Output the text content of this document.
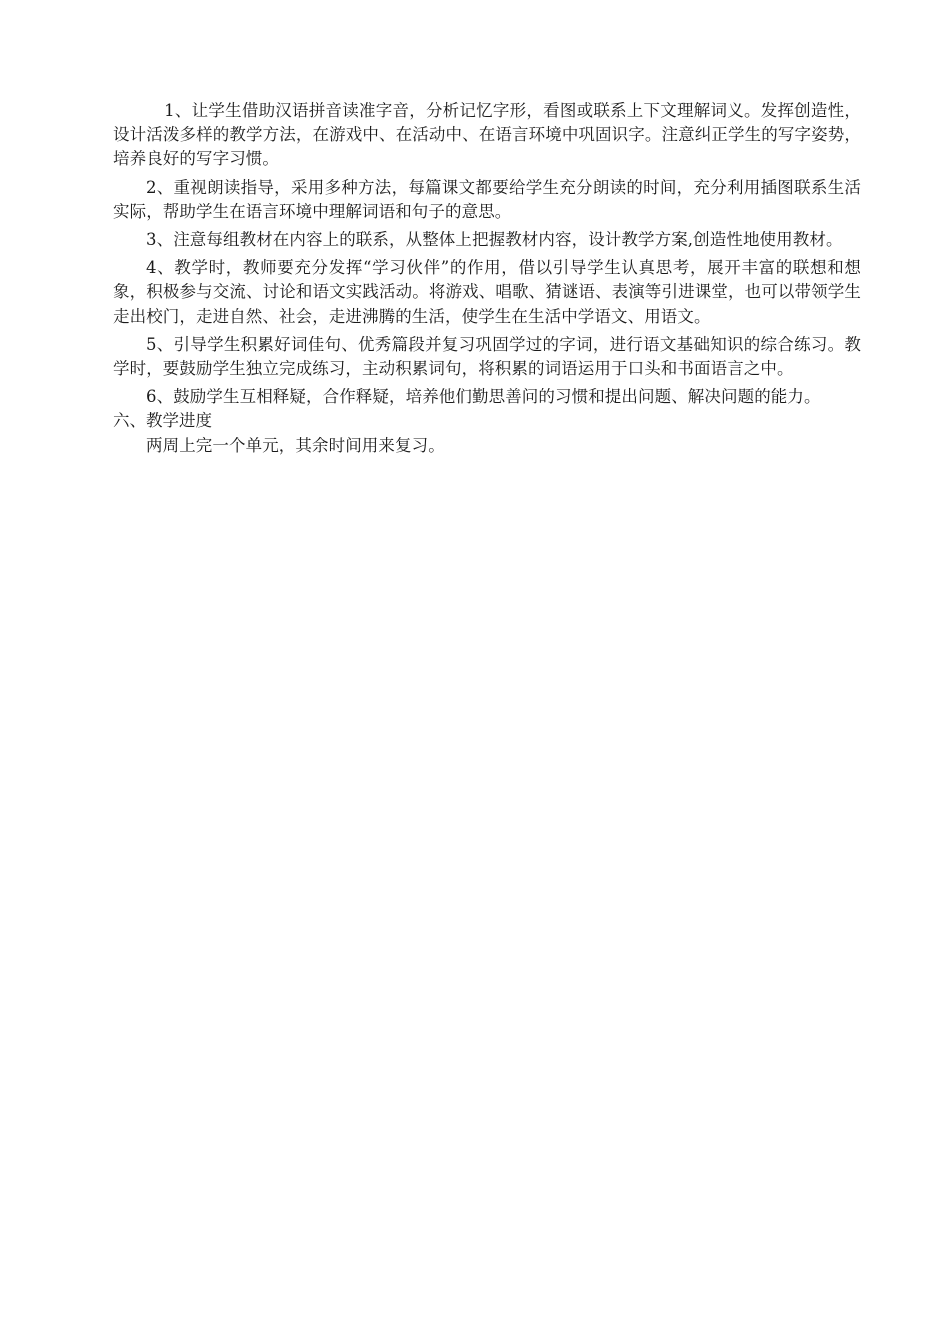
1、让学生借助汉语拼音读准字音，分析记忆字形，看图或联系上下文理解词义。发挥创造性，设计活泼多样的教学方法，在游戏中、在活动中、在语言环境中巩固识字。注意纠正学生的写字姿势，培养良好的写字习惯。

2、重视朗读指导，采用多种方法，每篇课文都要给学生充分朗读的时间，充分利用插图联系生活实际，帮助学生在语言环境中理解词语和句子的意思。

3、注意每组教材在内容上的联系，从整体上把握教材内容，设计教学方案,创造性地使用教材。

4、教学时，教师要充分发挥“学习伙伴”的作用，借以引导学生认真思考，展开丰富的联想和想象，积极参与交流、讨论和语文实践活动。将游戏、唱歌、猜谜语、表演等引进课堂，也可以带领学生走出校门，走进自然、社会，走进沸腾的生活，使学生在生活中学语文、用语文。

5、引导学生积累好词佳句、优秀篇段并复习巩固学过的字词，进行语文基础知识的综合练习。教学时，要鼓励学生独立完成练习，主动积累词句，将积累的词语运用于口头和书面语言之中。

6、鼓励学生互相释疑，合作释疑，培养他们勤思善问的习惯和提出问题、解决问题的能力。

六、教学进度

两周上完一个单元，其余时间用来复习。
